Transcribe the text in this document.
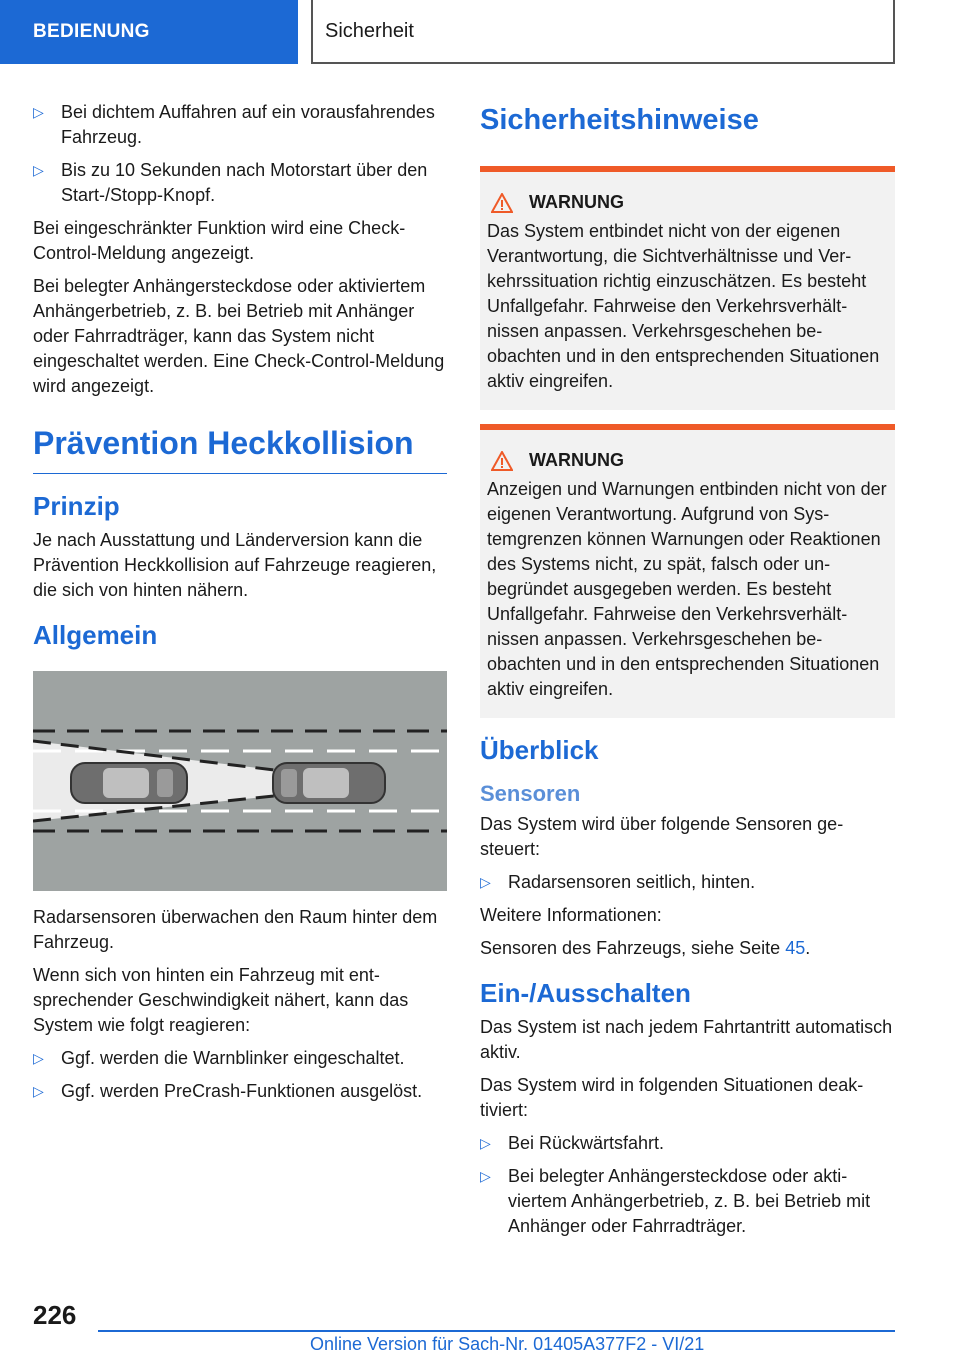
BEDIENUNG	Sicherheit
▷ Bei dichtem Auffahren auf ein vorausfahrendes Fahrzeug.
▷ Bis zu 10 Sekunden nach Motorstart über den Start-/Stopp-Knopf.

Bei eingeschränkter Funktion wird eine Check-Control-Meldung angezeigt.

Bei belegter Anhängersteckdose oder aktiviertem Anhängerbetrieb, z. B. bei Betrieb mit Anhänger oder Fahrradträger, kann das System nicht eingeschaltet werden. Eine Check-Control-Meldung wird angezeigt.

Prävention Heckkollision
Prinzip

Je nach Ausstattung und Länderversion kann die Prävention Heckkollision auf Fahrzeuge reagieren, die sich von hinten nähern.

Allgemein

Radarsensoren überwachen den Raum hinter dem Fahrzeug.

Wenn sich von hinten ein Fahrzeug mit entsprechender Geschwindigkeit nähert, kann das System wie folgt reagieren:

▷ Ggf. werden die Warnblinker eingeschaltet.
▷ Ggf. werden PreCrash-Funktionen ausgelöst.
Sicherheitshinweise
WARNUNG

Das System entbindet nicht von der eigenen Verantwortung, die Sichtverhältnisse und Verkehrssituation richtig einzuschätzen. Es besteht Unfallgefahr. Fahrweise den Verkehrsverhältnissen anpassen. Verkehrsgeschehen beobachten und in den entsprechenden Situationen aktiv eingreifen.

WARNUNG

Anzeigen und Warnungen entbinden nicht von der eigenen Verantwortung. Aufgrund von Systemgrenzen können Warnungen oder Reaktionen des Systems nicht, zu spät, falsch oder unbegründet ausgegeben werden. Es besteht Unfallgefahr. Fahrweise den Verkehrsverhältnissen anpassen. Verkehrsgeschehen beobachten und in den entsprechenden Situationen aktiv eingreifen.

Überblick
Sensoren

Das System wird über folgende Sensoren gesteuert:

▷ Radarsensoren seitlich, hinten.

Weitere Informationen:

Sensoren des Fahrzeugs, siehe Seite 45.

Ein-/Ausschalten

Das System ist nach jedem Fahrtantritt automatisch aktiv.

Das System wird in folgenden Situationen deaktiviert:

▷ Bei Rückwärtsfahrt.
▷ Bei belegter Anhängersteckdose oder aktiviertem Anhängerbetrieb, z. B. bei Betrieb mit Anhänger oder Fahrradträger.
226
Online Version für Sach-Nr. 01405A377F2 - VI/21
